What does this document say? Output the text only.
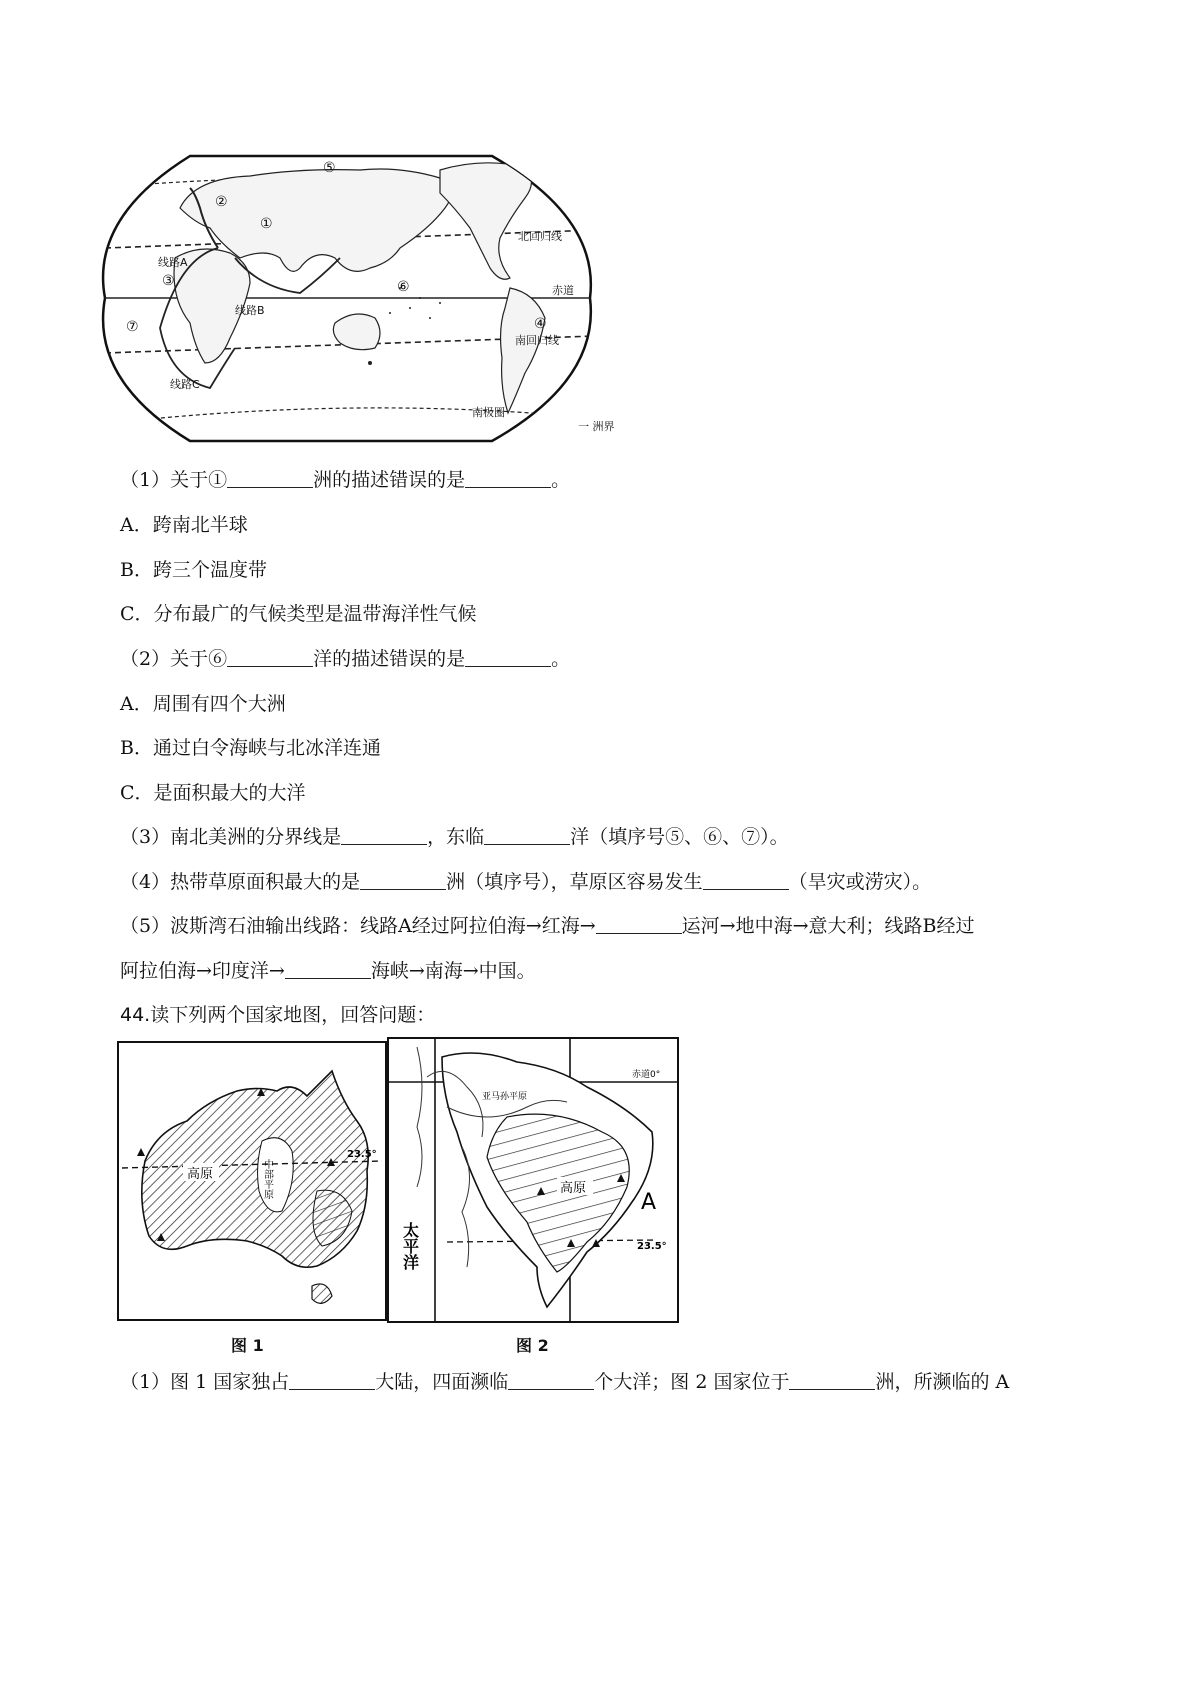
⑤
②
①
③	⑥
⑦	④
线路A
线路B
线路C
北回归线
赤道
南回归线
南极圈
一 洲界
（1）关于①	洲的描述错误的是	。
A．跨南北半球
B．跨三个温度带
C．分布最广的气候类型是温带海洋性气候
（2）关于⑥	洋的描述错误的是	。
A．周围有四个大洲
B．通过白令海峡与北冰洋连通
C．是面积最大的大洋
（3）南北美洲的分界线是	，东临	洋（填序号⑤、⑥、⑦）。
（4）热带草原面积最大的是	洲（填序号），草原区容易发生	（旱灾或涝灾）。
（5）波斯湾石油输出线路：线路A经过阿拉伯海→红海→	运河→地中海→意大利；线路B经过
阿拉伯海→印度洋→	海峡→南海→中国。
44.读下列两个国家地图，回答问题：
高原	中部平原
23.5°
图 1
亚马孙平原
赤道0°
高原
太平洋
A
23.5°
图 2
（1）图 1 国家独占	大陆，四面濒临	个大洋；图 2 国家位于	洲，所濒临的 A
